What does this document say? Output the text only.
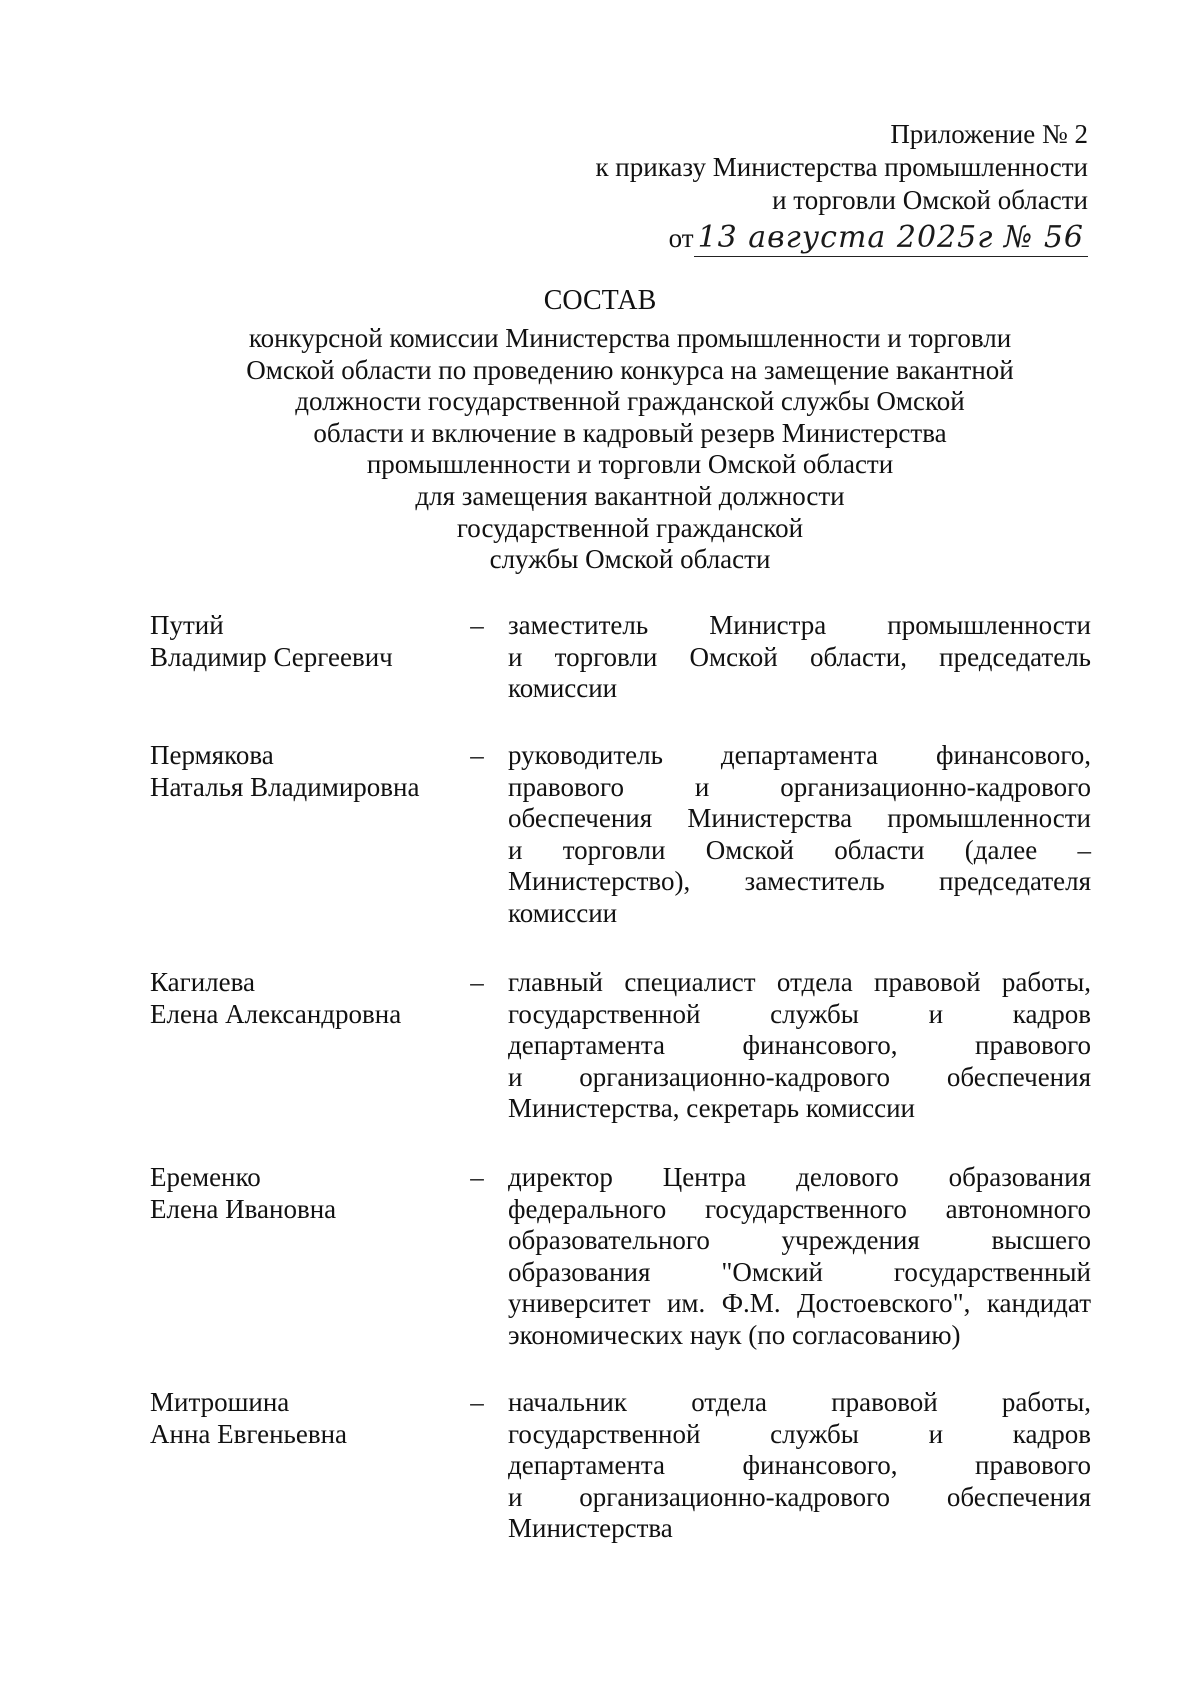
Приложение № 2
к приказу Министерства промышленности
и торговли Омской области
от 13 августа 2025г № 56
СОСТАВ
конкурсной комиссии Министерства промышленности и торговли
Омской области по проведению конкурса на замещение вакантной
должности государственной гражданской службы Омской
области и включение в кадровый резерв Министерства
промышленности и торговли Омской области
для замещения вакантной должности
государственной гражданской
службы Омской области
Путий
Владимир Сергеевич
– заместитель Министра промышленности
и торговли Омской области, председатель
комиссии
Пермякова
Наталья Владимировна
– руководитель департамента финансового,
правового и организационно-кадрового
обеспечения Министерства промышленности
и торговли Омской области (далее –
Министерство), заместитель председателя
комиссии
Кагилева
Елена Александровна
– главный специалист отдела правовой работы,
государственной службы и кадров
департамента финансового, правового
и организационно-кадрового обеспечения
Министерства, секретарь комиссии
Еременко
Елена Ивановна
– директор Центра делового образования
федерального государственного автономного
образовательного учреждения высшего
образования "Омский государственный
университет им. Ф.М. Достоевского", кандидат
экономических наук (по согласованию)
Митрошина
Анна Евгеньевна
– начальник отдела правовой работы,
государственной службы и кадров
департамента финансового, правового
и организационно-кадрового обеспечения
Министерства
